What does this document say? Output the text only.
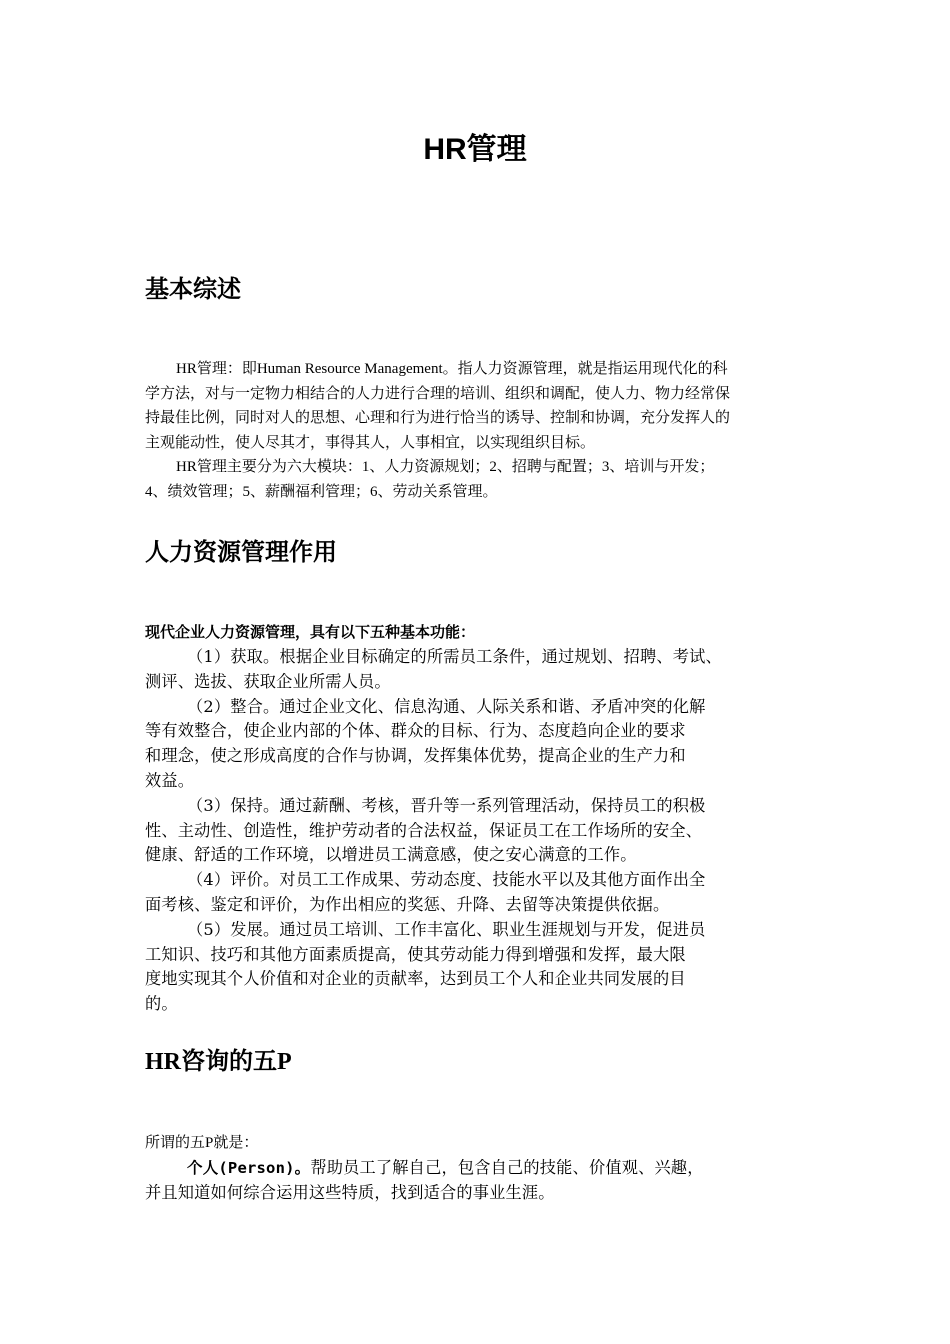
HR管理
基本综述
HR管理：即Human Resource Management。指人力资源管理，就是指运用现代化的科
学方法，对与一定物力相结合的人力进行合理的培训、组织和调配，使人力、物力经常保
持最佳比例，同时对人的思想、心理和行为进行恰当的诱导、控制和协调，充分发挥人的
主观能动性，使人尽其才，事得其人，人事相宜，以实现组织目标。
HR管理主要分为六大模块：1、人力资源规划；2、招聘与配置；3、培训与开发；
4、绩效管理；5、薪酬福利管理；6、劳动关系管理。
人力资源管理作用
现代企业人力资源管理，具有以下五种基本功能：
（1）获取。根据企业目标确定的所需员工条件，通过规划、招聘、考试、
测评、选拔、获取企业所需人员。
（2）整合。通过企业文化、信息沟通、人际关系和谐、矛盾冲突的化解
等有效整合，使企业内部的个体、群众的目标、行为、态度趋向企业的要求
和理念，使之形成高度的合作与协调，发挥集体优势，提高企业的生产力和
效益。
（3）保持。通过薪酬、考核，晋升等一系列管理活动，保持员工的积极
性、主动性、创造性，维护劳动者的合法权益，保证员工在工作场所的安全、
健康、舒适的工作环境，以增进员工满意感，使之安心满意的工作。
（4）评价。对员工工作成果、劳动态度、技能水平以及其他方面作出全
面考核、鉴定和评价，为作出相应的奖惩、升降、去留等决策提供依据。
（5）发展。通过员工培训、工作丰富化、职业生涯规划与开发，促进员
工知识、技巧和其他方面素质提高，使其劳动能力得到增强和发挥，最大限
度地实现其个人价值和对企业的贡献率，达到员工个人和企业共同发展的目
的。
HR咨询的五P
所谓的五P就是：
个人(Person)。帮助员工了解自己，包含自己的技能、价值观、兴趣，
并且知道如何综合运用这些特质，找到适合的事业生涯。
